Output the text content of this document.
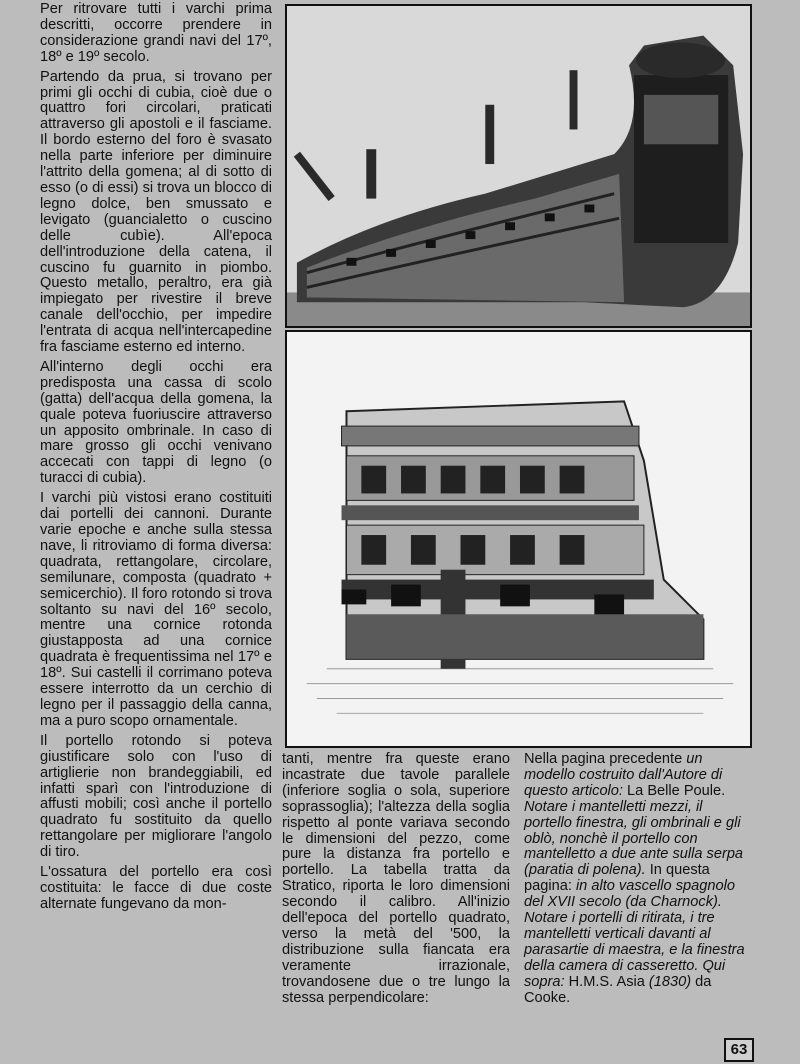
Per ritrovare tutti i varchi prima descritti, occorre prendere in considerazione grandi navi del 17º, 18º e 19º secolo.

Partendo da prua, si trovano per primi gli occhi di cubia, cioè due o quattro fori circolari, praticati attraverso gli apostoli e il fasciame. Il bordo esterno del foro è svasato nella parte inferiore per diminuire l'attrito della gomena; al di sotto di esso (o di essi) si trova un blocco di legno dolce, ben smussato e levigato (guancialetto o cuscino delle cubìe). All'epoca dell'introduzione della catena, il cuscino fu guarnito in piombo. Questo metallo, peraltro, era già impiegato per rivestire il breve canale dell'occhio, per impedire l'entrata di acqua nell'intercapedine fra fasciame esterno ed interno.

All'interno degli occhi era predisposta una cassa di scolo (gatta) dell'acqua della gomena, la quale poteva fuoriuscire attraverso un apposito ombrinale. In caso di mare grosso gli occhi venivano accecati con tappi di legno (o turacci di cubia).

I varchi più vistosi erano costituiti dai portelli dei cannoni. Durante varie epoche e anche sulla stessa nave, li ritroviamo di forma diversa: quadrata, rettangolare, circolare, semilunare, composta (quadrato + semicerchio). Il foro rotondo si trova soltanto su navi del 16º secolo, mentre una cornice rotonda giustapposta ad una cornice quadrata è frequentissima nel 17º e 18º. Sui castelli il corrimano poteva essere interrotto da un cerchio di legno per il passaggio della canna, ma a puro scopo ornamentale.

Il portello rotondo si poteva giustificare solo con l'uso di artiglierie non brandeggiabili, ed infatti sparì con l'introduzione di affusti mobili; così anche il portello quadrato fu sostituito da quello rettangolare per migliorare l'angolo di tiro.

L'ossatura del portello era così costituita: le facce di due coste alternate fungevano da mon-

tanti, mentre fra queste erano incastrate due tavole parallele (inferiore soglia o sola, superiore soprassoglia); l'altezza della soglia rispetto al ponte variava secondo le dimensioni del pezzo, come pure la distanza fra portello e portello. La tabella tratta da Stratico, riporta le loro dimensioni secondo il calibro. All'inizio dell'epoca del portello quadrato, verso la metà del '500, la distribuzione sulla fiancata era veramente irrazionale, trovandosene due o tre lungo la stessa perpendicolare:

Nella pagina precedente un modello costruito dall'Autore di questo articolo: La Belle Poule. Notare i mantelletti mezzi, il portello finestra, gli ombrinali e gli oblò, nonchè il portello con mantelletto a due ante sulla serpa (paratia di polena). In questa pagina: in alto vascello spagnolo del XVII secolo (da Charnock). Notare i portelli di ritirata, i tre mantelletti verticali davanti al parasartie di maestra, e la finestra della camera di casseretto. Qui sopra: H.M.S. Asia (1830) da Cooke.

63
